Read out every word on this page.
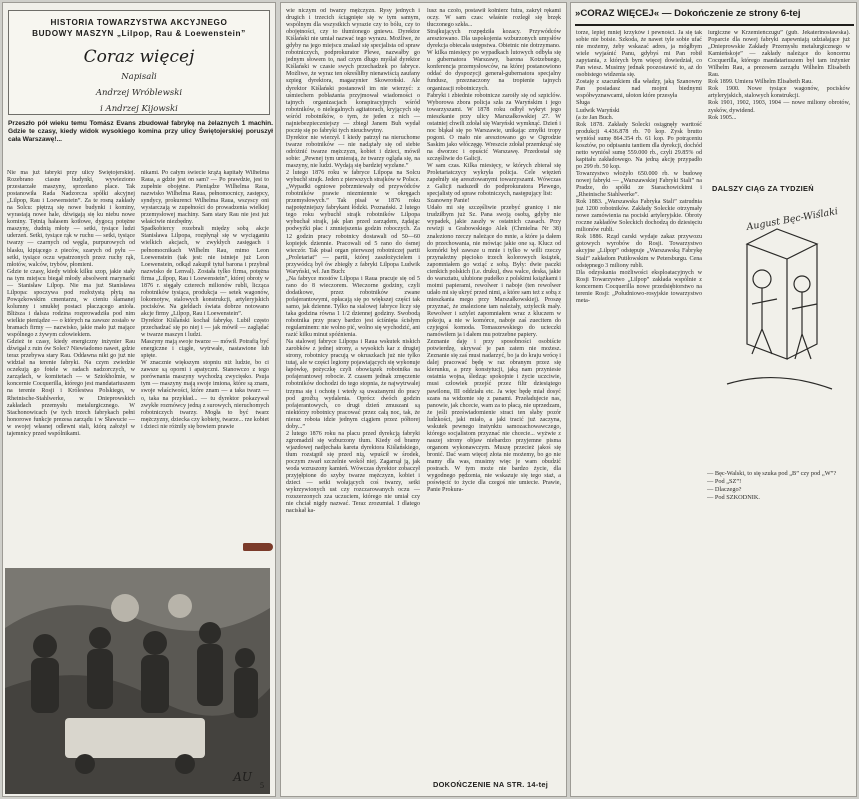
HISTORIA TOWARZYSTWA AKCYJNEGO
BUDOWY MASZYN „Lilpop, Rau & Loewenstein”
Coraz więcej
Napisali
Andrzej Wróblewski
i Andrzej Kijowski
Przeszło pół wieku temu Tomász Evans zbudował fabrykę na żelaznych 1 machin. Gdzie te czasy, kiedy widok wysokiego komina przy ulicy Świętojerskiej poruszył cała Warszawę!...
Nie ma już fabryki przy ulicy Świętojerskiej. Rozebrano ciasne budynki, wywieziono przestarzałe maszyny, sprzedano place. Tak postanowiła Rada Nadzorcza spółki akcyjnej „Lilpop, Rau i Loewenstein”. Za te rosną zakłady na Solcu: piętrzą się nowe budynki i kominy, wyrastają nowe hale, dźwigają się ku niebu nowe kominy. Tętnią hałasem kotłowe, dygocą potężne maszyny, dudnią młoty — setki, tysiące ludzi uderzeń. Setki, tysiące rąk w ruchu — setki, tysiące twarzy — czarnych od węgla, purpurowych od blasku, kipiącego z pieców, szarych od pyłu — setki, tysiące oczu wpatrzonych przez ruchy rąk, młotów, walców, trybów, płomieni.
Gdzie te czasy, kiedy widok kilku szop, jakie stały na tym miejscu biegał młody absolwent marynarki — Stanisław Lilpop. Nie ma już Stanisława Lilpopa: spoczywa pod rozłożystą płytą na Powązkowskim cmentarzu, w cieniu ślamanej kolumny i smukłej postaci płaczącego anioła. Bliższa i dalsza rodzina rozprowadziła pod nim wielkie pieniądze — o których na zawsze zostało w bramach firmy — nazwisko, jakie mało już mające wspólnego z żywym człowiekiem.
Gdzież te czasy, kiedy energiczny inżynier Rau dźwigał z ruin ów Solec? Niewiadomo nawet, gdzie teraz przebywa stary Rau. Oddawna nikt go już nie widział na terenie fabryki. Na czym zwiedzie oczekują go fotele w radach nadzorczych, w zarządach, w komitetach — w Sztokholmie, w koncernie Cocquerilla, którego jest mandatariuszem na terenie Rosji i Królestwa Polskiego, w Rheinische-Stahlwerke, w Dnieprowskich zakładach przemysłu metalurgicznego. W Stachonowicach (w tych trzech fabrykach pełni honorowe funkcje prezesa zarządu i w Sławucie — w swojej własnej odlewni stali, którą założył w tajemnicy przed wspólnikami.
nikami. Po całym świecie krążą kapitały Wilhelma Raua, a gdzie jest on sam? — Po prawdzie, jest to zupełnie obojętne. Pieniądze Wilhelma Raua, nazwisko Wilhelma Raua, pełnomocnicy, zastępcy, syndycy, prokurenci Wilhelma Raua, wszyscy oni wystarczają w zupełności do prowadzenia wielkiej przemysłowej machiny. Sam stary Rau nie jest już właściwie niezbędny.
Spadkobiercy rozebrali między sobą akcje Stanisława Lilpopa, rozpłynął się w wyciąganiu wielkich akcjach, w zwykłych zasięgach i pełnomocnikach Wilhelm Rau, mimo Leon Loewenstein (tak jest: nie istnieje już Leon Loewenstein, odkąd zakupił tytuł barona i przybrał nazwisko de Lenval). Została tylko firma, potężna firma „Lilpop, Rau i Loewenstein”, której obroty w 1876 r. sięgały czterech milionów rubli, licząca robotników tysiąca, produkcja — setek wagonów, lokomotyw, stalowych konstrukcji, artyleryjskich pocisków. Na gieldach świata dobrze notowano akcje firmy „Lilpop, Rau i Loewenstein”.
Dyrektor Kiślański kochał fabrykę. Lubił często przechadzać się po niej i — jak mówił — zaglądać w twarze maszyn i ludzi.
Maszyny mają swoje twarze — mówił. Potrafią być energiczne i ciągłe, wytrwałe, nastawione lub spięte.
W znacznie większym stopniu niż ludzie, bo ci zawsze są oporni i apatyczni. Stanowczo z tego porównania maszyny wychodzą zwycięsko. Psuja tym — maszyny mają swoje imiona, które są znam, swoje właściwości, które znam — a taka twarz — o, taka na przykład... — tu dyrektor pokazywał zwykłe rozmówcy jedną z surowych, nieruchomych robotniczych twarzy. Mogła to być twarz mężczyzny, dziecka czy kobiety, twarze... rze kobiet i dzieci nie różnily się bowiem prawie
AU
5
wie niczym od twarzy mężczyzn. Rysy jednych i drugich i trzecich ściągnięte się w tym samym, wspólnym dla wszystkich wyrazie czy to bólu, czy to obojętności, czy to tłumionego gniewu. Dyrektor Kiślański nie umiał nazwać tego wyrazu. Możliwe, że gdyby na jego miejscu znalazł się specjalista od spraw robotniczych, podprokurator Plewe, nazwałby go jednym słowem to, nad czym długo myślał dyrektor Kiślański w czasie swych przechadzek po fabryce. Możliwe, że wyraz ten określiłby nienawiścią zaufany szpieg dyrektora, magazynier Skowroński. Ale dyrektor Kiślański postanowił im nie wierzyć: z uśmiechem pobłażania przyjmował wiadomości o tajnych organizacjach konspiracyjnych wśród robotników, o nielegalnych agitatorach, kryjących się wśród robotników, o tym, że jeden z nich — najniebezpieczniejszy — zbiegł Janem Buh wydał pocztę się po fabryki tych nieuchwytny.
Dyrektor nie wierzył. I kiedy patrzył na nieruchome twarze robotników — nie nadążały się od siebie odróżnić twarze mężczyzn, kobiet i dzieci, mówił sobie: „Pewnej tym umierają, że twarzy ogląda się, na maszyny, nie ludzi. Wydają się bardziej wyzłane.”
2 lutego 1876 roku w fabryce Lilpopa na Solcu wybuchł strajk. Jeden z pierwszych strajków w Polsce. „Wypadki ogniowe pobrzmiewały od przywódców robotników prawie niezmiennie w okręgach przemysłowych.” Tak pisał w 1876 roku najpotężniejszy fabrykant łódzki. Poznański. 2 lutego tego roku wybuchł strajk robotników Lilpopa wybuchał strajk, jak plan przed zarządem, żądając podwyżki płac i zmniejszenia godzin roboczych. Za 12 godzin pracy robotnicy dostawali od 50—60 kopiejek dziennie. Pracowali od 5 rano do ósmej wieczór. Tak pisał organ pierwszej robotniczej partii „Proletariat” — partii, której zaszłożycielem i przywódcą był ów zbiegły z fabryki Lilpopa Ludwik Waryński, wł. Jan Buch:
„Na fabryce mostów Lilpopa i Raua pracuje się od 5 rano do 8 wieczorem. Wieczorne godziny, czyli dodatkowe, przez robotników zwane pofajerantowymi, opłacają się po większej części tak samo, jak dzienne. Tylko na stalowej fabryce liczy się taka godzina równa 1 1/2 dziennej godziny. Swobodą robotnika przy pracy bardzo jest ściśnięta ścisłym regulaminem: nie wolno pić, wolno się wychodzić, ani razić kilku minut spóźnienia.
Na stalowej fabryce Lilpopa i Raua wskutek niskich zarobków z jednej strony, a wysokich kar z drugiej strony, robotnicy pracują w okruszkach już nie tylko tutaj, ale w części legiony pojawiających się wykonuje łapówkę, pożyczkę czyli obowiązek robotnika na pofajerantowej robocie. Z czasem jednak zmęczenie robotników dochodzi do tego stopnia, że najwytrwalej trzyma się i ochotę i wtedy są uważanymi do pracy pod groźbą wydalenia. Oprócz dwóch godzin pofajerantowych, co drugi dzień zmuszani są niektórzy robotnicy pracować przez całą noc, tak, że nieraz robota idzie jednym ciągiem przez półtorej doby...”
2 lutego 1876 roku na placu przed dyrekcją fabryki zgromadził się wzburzony tłum. Kiedy od bramy wjazdowej nadjechała kareta dyrektora Kiślańskiego, tłum rozstąpił się przed nią, wpuścił w środek, poczym zwarł szczelnie wokół niej. Zagarnął ją, jak woda wzruszony kamień. Wówczas dyrektor zobaczył przyjęłpione do szyby twarze mężczyzn, kobiet i dzieci — setki wołających coś twarzy, setki wykrzywionych ust czy rozczarowanych oczu — rozszerzonych zza uczuciem, którego nie umiał czy nie chciał nigdy nazwać. Teraz zrozumiał. I dlatego naciskał ka-
lusz na czoło, postawił kołnierz futra, zakrył rękami oczy. W sam czas: właśnie rozległ się brzęk tłuczonego szkła...
Strajkujących rozpędziła kozacy. Przywódców aresztowano. Dla uspokojenia wzburzonych umysłów dyrekcja obiecała ustępstwa. Obietnic nie dotrzymano.
W kilka miesięcy po wypadkach lutowych odbyła się u gubernatora Warszawy, barona Kotzebuego, konferencja przemysłowców, na której postanowiono oddać do dyspozycji generał-gubernatora specjalny fundusz, przeznaczony na tropienie tajnych organizacji robotniczych.
Fabryki i zbiednie robotnicze zaroiły się od szpiclów. Wyborowa zbora policja szła za Waryńskim i jego towarzyszami. W 1878 roku odbył wykryt jego mieszkanie przy ulicy Marszałkowskiej 27. W ostatniej chwili zdołał się Waryński wymknąć. Dzień i noc błąkał się po Warszawie, unikając zmyłki tropy pogoni. O mało nie aresztowano go w Ogrodzie Saskim jako włóczęgę. Wreszcie zdołał przemknąć się na dworzec i opuścić Warszawę. Przedostał się szczęśliwie do Galicji.
W sam czas. Kilka miesięcy, w których zbierał się Proletariatczycy wykryła policja. Cele więzień zapełniły się aresztowanymi towarzyszami. Wówczas z Galicji nadszedł do podprokuratora Plewego, specjalisty od spraw robotniczych, następujący list:
Szanowny Panie!
Udało mi się szczęśliwie przebyć granicę i nie trudziłbym już Sz. Pana swoją osobą, gdyby nie wypadek, jakie zaszły w ostatnich czasach. Przy rewizji u Grabowskiego Alek (Chmielna Nr 38) znaleziono rzeczy należące do mnie, a które ja dałem do przechowania, nie mówiąc jakie one są. Klucz od komórki był zawsze u mnie i tylko w willi rzeczy przynależny pięcioko trzech kolorowych książek, zapomniałem go wziąć z sobą. Były: dwie paczki cienkich polskich (i.e. druku), dwa walce, deska, jakie do warsztatu, ulubione pudełko z polskimi książkami i moimi papierami, rewolwer i naboje (ten rewolwer udało mi się ukryć przed nimi, a które sam też z sobą z mieszkania mego przy Marszałkowskiej). Proszę przyznać, że znalezione tam należały, sztylecik mały. Rewolwer i sztylet zapomniałem wraz z kluczem w pokoju, a nie w komórce, naboje zaś zuecitem do czyjegoś komoda. Tomaszewskiego do ucieczki namówiłem ja i dałem mu potrzebne papiery.
Zeznanie daję i przy sposobności osobiście potwierdzę, ukrywać je pan zatem nie możesz. Zeznanie się zaś musi nadarzyć, bo ja do kraju wrócę i dalej pracować będę w raz obranym przez się kierunku, a przy konstytucji, jaką nam przyniesie ostatnia wojna, śledząc spokojnie i życie uczciwie, musi człowiek przejść przez filtr dziesiątego pawilonu, III oddziału etc. Ja więc będę miał dosyć szans na widzenie się z panami. Przeładujecie nas, panowie, jak chcecie, wam za to płacą, nie uprzedzam, że jeśli przeświadomienie straci ten słaby pozór ludzkości, jaki miało, a jaki tracić już zaczyna, wskutek pewnego instynktu samozachowawczego, którego socjalistom przyznać nie chcecie... wyżwie z naszej strony objaw niebardzo przyjemne pisma organom wykonawczym. Muszę przecież jakoś się bronić. Dać wam więcej złota nie możemy, bo go nie mamy dla was, musimy więc je wam obudzić postrach. W tym może nie bardzo życie, dla wygodnego pędzenia, nie wskazuje się tego staż, a poświęcić to życie dla czegoś nie umiecie. Prawie, Panie Prokura-
DOKOŃCZENIE NA STR. 14-tej
»CORAZ WIĘCEJ« — Dokończenie ze strony 6-tej
torze, lepiej mniej krzyków i pewności. Ja się tak sobie nie boisie. Szkoda, że nawet tyle sobie ufać nie możemy, żeby wskazać adres, ja mógłbym wiele wyjaśnić Panu, gdybyś mi Pan robił zapytania, z których bym więcej dowiedział, co Pan wiesz. Musimy jednak poozostawić to, aż do osobistego widzenia się.
Zostaję z szacunkiem dla władzy, jaką Szanowny Pan posiadasz nad mojmi biednymi współwyznawcami, ułoton które przesyła
Sługa
Ludwik Waryński
(a że Jan Buch.
Rok 1878. Zakłady Solecki osiągnęły warttość produkcji 4.436.878 rb. 70 kop. Zysk brutto wyniósł sumę 864.354 rb. 61 kop. Po potrąceniu kosztów, po odpisaniu tantiem dla dyrekcji, dochód netto wyniósł sumę 559.000 rb., czyli 29.85% od kapitału zakładowego. Na jedną akcję przypadło po 299 rb. 50 kop.
Towarzystwo włożyło 650.000 rb. w budowę nowej fabryki — „Warszawskiej Fabryki Stali” na Pradze, do spółki ze Starachowickimi i „Rheinische Stahlwerke”.
Rok 1883. „Warszawska Fabryka Stali” zatrudnia już 1200 robotników. Zakłady Soleckie otrzymały nowe zamówienia na pociski artyleryjskie. Obroty roczne zakładów Soleckich dochodzą do dziesięciu milionów rubli.
Rok 1886. Rząd carski wydaje zakaz przywozu gotowych wyrobów do Rosji. Towarzystwo akcyjne „Lilpop” odstępuje „Warszawską Fabrykę Stali” zakładom Putiłowskim w Petersburgu. Cena odstępnego 3 miliony rubli.
Dla odzyskania możliwości eksploatacyjnych w Rosji Towarzystwo „Lilpop” zakłada wspólnie z koncernem Cocquerilla nowe przedsiębiorstwo na terenie Rosji: „Południowo-rosyjskie towarzystwo meta-
lurgiczne w Krzemieńczugu” (gub. Jekaterinosławska). Poparcie dla nowej fabryki zapewniają udziałające już „Dnieprowskie Zakłady Przemysłu metalurgicznego w Kamieńskoje” — zakłady należące do koncernu Cocquerilla, którego mandatariuszem był tam inżynier Wilhelm Rau, a prezesem zarządu Wilhelm Elisabeth Rau.
Rok 1899. Umiera Wilhelm Elisabeth Rau.
Rok 1900. Nowe tysiące wagonów, pocisków artyleryjskich, stalowych konstrukcji.
Rok 1901, 1902, 1903, 1904 — nowe miliony obrotów, zysków, dywidend.
Rok 1905...
DALSZY CIĄG ZA TYDZIEŃ
— Bęc-Walski, to się szuka pod „B” czy pod „W”?
— Pod „SZ”!
— Dlaczego?
— Pod SZKODNIK.
August Bęc-Wiślaki
